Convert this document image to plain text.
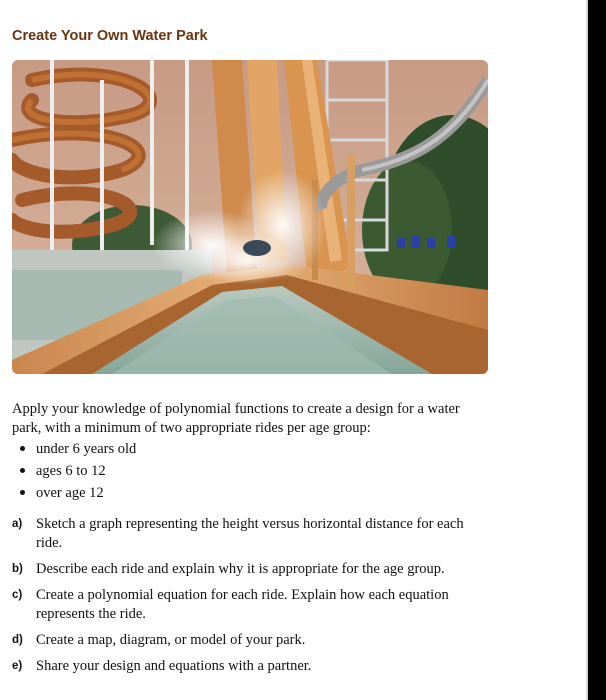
Create Your Own Water Park
Apply your knowledge of polynomial functions to create a design for a water park, with a minimum of two appropriate rides per age group:
under 6 years old
ages 6 to 12
over age 12
a) Sketch a graph representing the height versus horizontal distance for each ride.
b) Describe each ride and explain why it is appropriate for the age group.
c) Create a polynomial equation for each ride. Explain how each equation represents the ride.
d) Create a map, diagram, or model of your park.
e) Share your design and equations with a partner.
